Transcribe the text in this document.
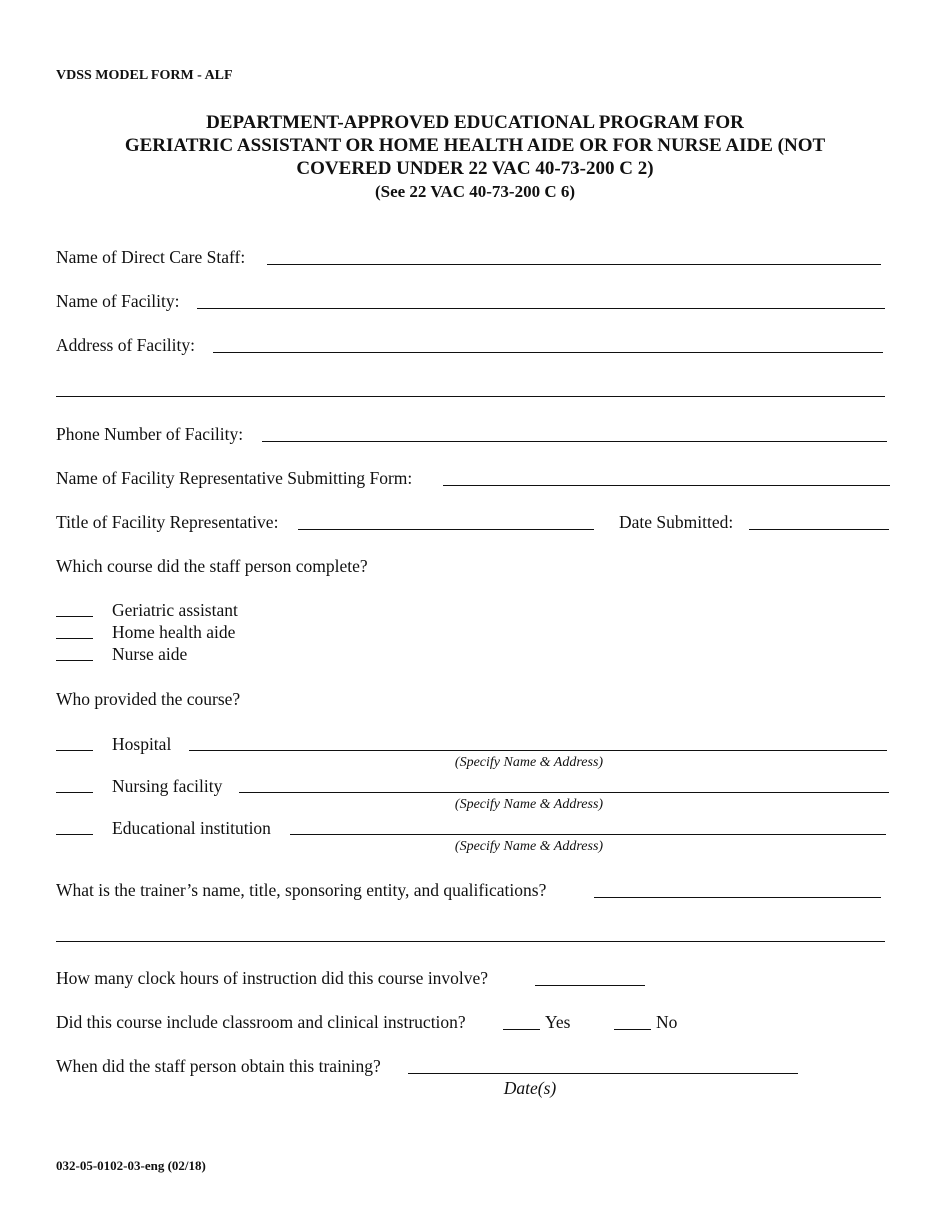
VDSS MODEL FORM - ALF
DEPARTMENT-APPROVED EDUCATIONAL PROGRAM FOR
GERIATRIC ASSISTANT OR HOME HEALTH AIDE OR FOR NURSE AIDE (NOT
COVERED UNDER 22 VAC 40-73-200 C 2)
(See 22 VAC 40-73-200 C 6)
Name of Direct Care Staff:
Name of Facility:
Address of Facility:
Phone Number of Facility:
Name of Facility Representative Submitting Form:
Title of Facility Representative:	Date Submitted:
Which course did the staff person complete?
Geriatric assistant
Home health aide
Nurse aide
Who provided the course?
Hospital
(Specify Name & Address)
Nursing facility
(Specify Name & Address)
Educational institution
(Specify Name & Address)
What is the trainer’s name, title, sponsoring entity, and qualifications?
How many clock hours of instruction did this course involve?
Did this course include classroom and clinical instruction?	Yes	No
When did the staff person obtain this training?
Date(s)
032-05-0102-03-eng (02/18)
